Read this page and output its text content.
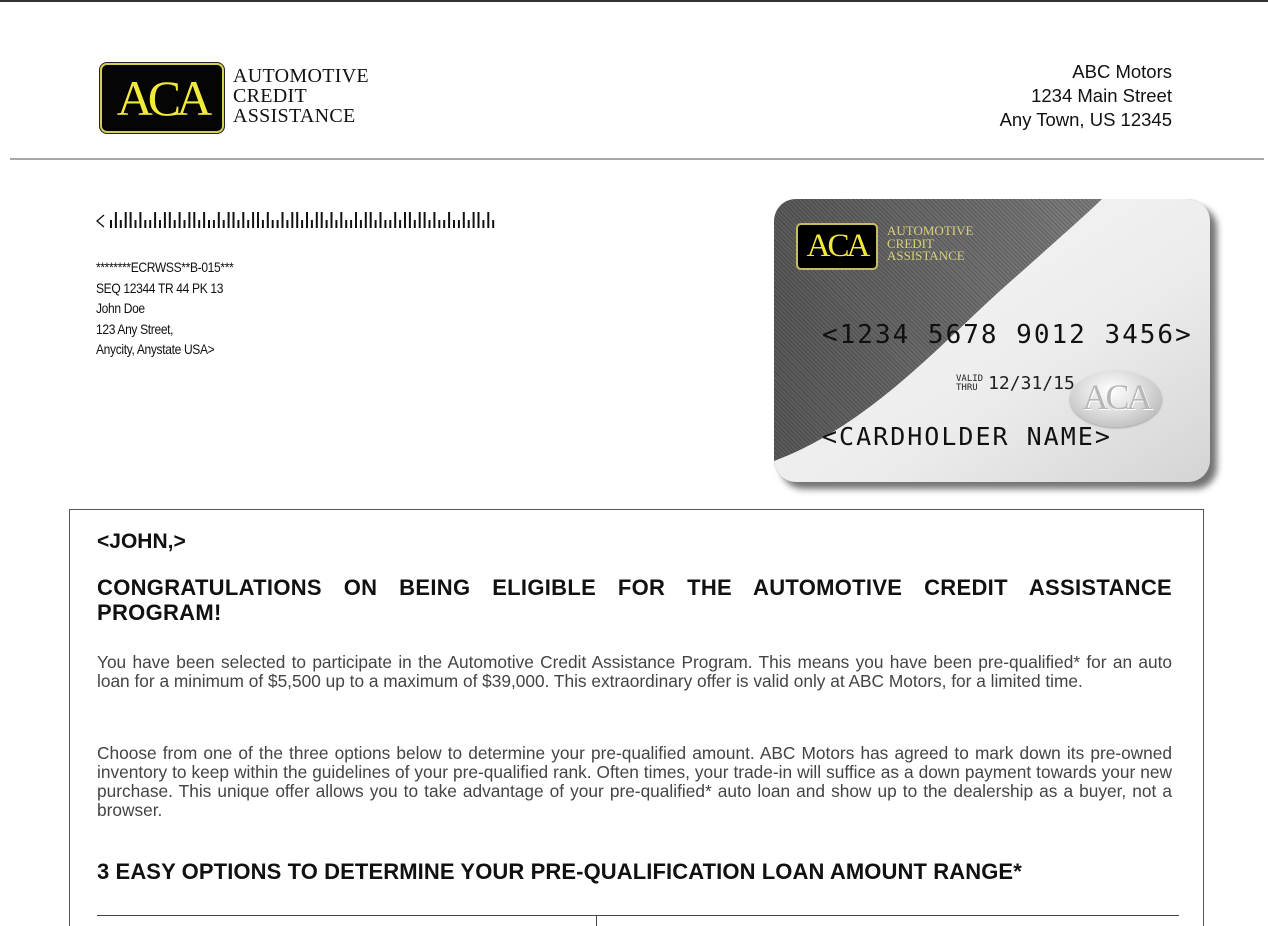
ACA	AUTOMOTIVE
CREDIT
ASSISTANCE
ABC Motors
1234 Main Street
Any Town, US 12345
********ECRWSS**B-015***
SEQ 12344 TR 44 PK 13
John Doe
123 Any Street,
Anycity, Anystate USA>
ACA	AUTOMOTIVE
CREDIT
ASSISTANCE
<1234 5678 9012 3456>
VALID
THRU 12/31/15 ACA
<CARDHOLDER NAME>
<JOHN,>
CONGRATULATIONS ON BEING ELIGIBLE FOR THE AUTOMOTIVE CREDIT ASSISTANCE PROGRAM!
You have been selected to participate in the Automotive Credit Assistance Program. This means you have been pre-qualified* for an auto loan for a minimum of $5,500 up to a maximum of $39,000. This extraordinary offer is valid only at ABC Motors, for a limited time.
Choose from one of the three options below to determine your pre-qualified amount. ABC Motors has agreed to mark down its pre-owned inventory to keep within the guidelines of your pre-qualified rank. Often times, your trade-in will suffice as a down payment towards your new purchase. This unique offer allows you to take advantage of your pre-qualified* auto loan and show up to the dealership as a buyer, not a browser.
3 EASY OPTIONS TO DETERMINE YOUR PRE-QUALIFICATION LOAN AMOUNT RANGE*
